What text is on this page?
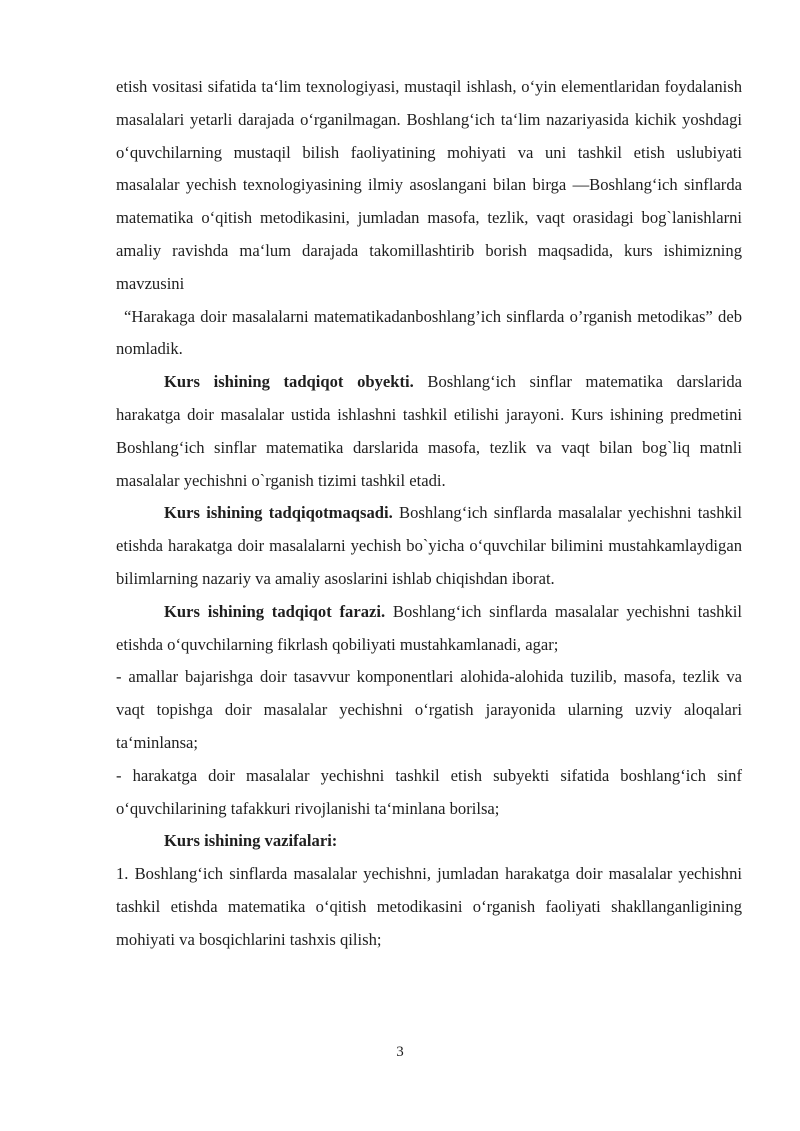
etish vositasi sifatida ta‘lim texnologiyasi, mustaqil ishlash, o‘yin elementlaridan foydalanish masalalari yetarli darajada o‘rganilmagan. Boshlang‘ich ta‘lim nazariyasida kichik yoshdagi o‘quvchilarning mustaqil bilish faoliyatining mohiyati va uni tashkil etish uslubiyati masalalar yechish texnologiyasining ilmiy asoslangani bilan birga ―Boshlang‘ich sinflarda matematika o‘qitish metodikasini, jumladan masofa, tezlik, vaqt orasidagi bog`lanishlarni amaliy ravishda ma‘lum darajada takomillashtirib borish maqsadida, kurs ishimizning mavzusini

“Harakaga doir masalalarni matematikadanboshlang’ich sinflarda o’rganish metodikas” deb nomladik.

Kurs ishining tadqiqot obyekti. Boshlang‘ich sinflar matematika darslarida harakatga doir masalalar ustida ishlashni tashkil etilishi jarayoni. Kurs ishining predmetini Boshlang‘ich sinflar matematika darslarida masofa, tezlik va vaqt bilan bog`liq matnli masalalar yechishni o`rganish tizimi tashkil etadi.

Kurs ishining tadqiqotmaqsadi. Boshlang‘ich sinflarda masalalar yechishni tashkil etishda harakatga doir masalalarni yechish bo`yicha o‘quvchilar bilimini mustahkamlaydigan bilimlarning nazariy va amaliy asoslarini ishlab chiqishdan iborat.

Kurs ishining tadqiqot farazi. Boshlang‘ich sinflarda masalalar yechishni tashkil etishda o‘quvchilarning fikrlash qobiliyati mustahkamlanadi, agar;

- amallar bajarishga doir tasavvur komponentlari alohida-alohida tuzilib, masofa, tezlik va vaqt topishga doir masalalar yechishni o‘rgatish jarayonida ularning uzviy aloqalari ta‘minlansa;

- harakatga doir masalalar yechishni tashkil etish subyekti sifatida boshlang‘ich sinf o‘quvchilarining tafakkuri rivojlanishi ta‘minlana borilsa;

Kurs ishining vazifalari:

1. Boshlang‘ich sinflarda masalalar yechishni, jumladan harakatga doir masalalar yechishni tashkil etishda matematika o‘qitish metodikasini o‘rganish faoliyati shakllanganligining mohiyati va bosqichlarini tashxis qilish;

3
